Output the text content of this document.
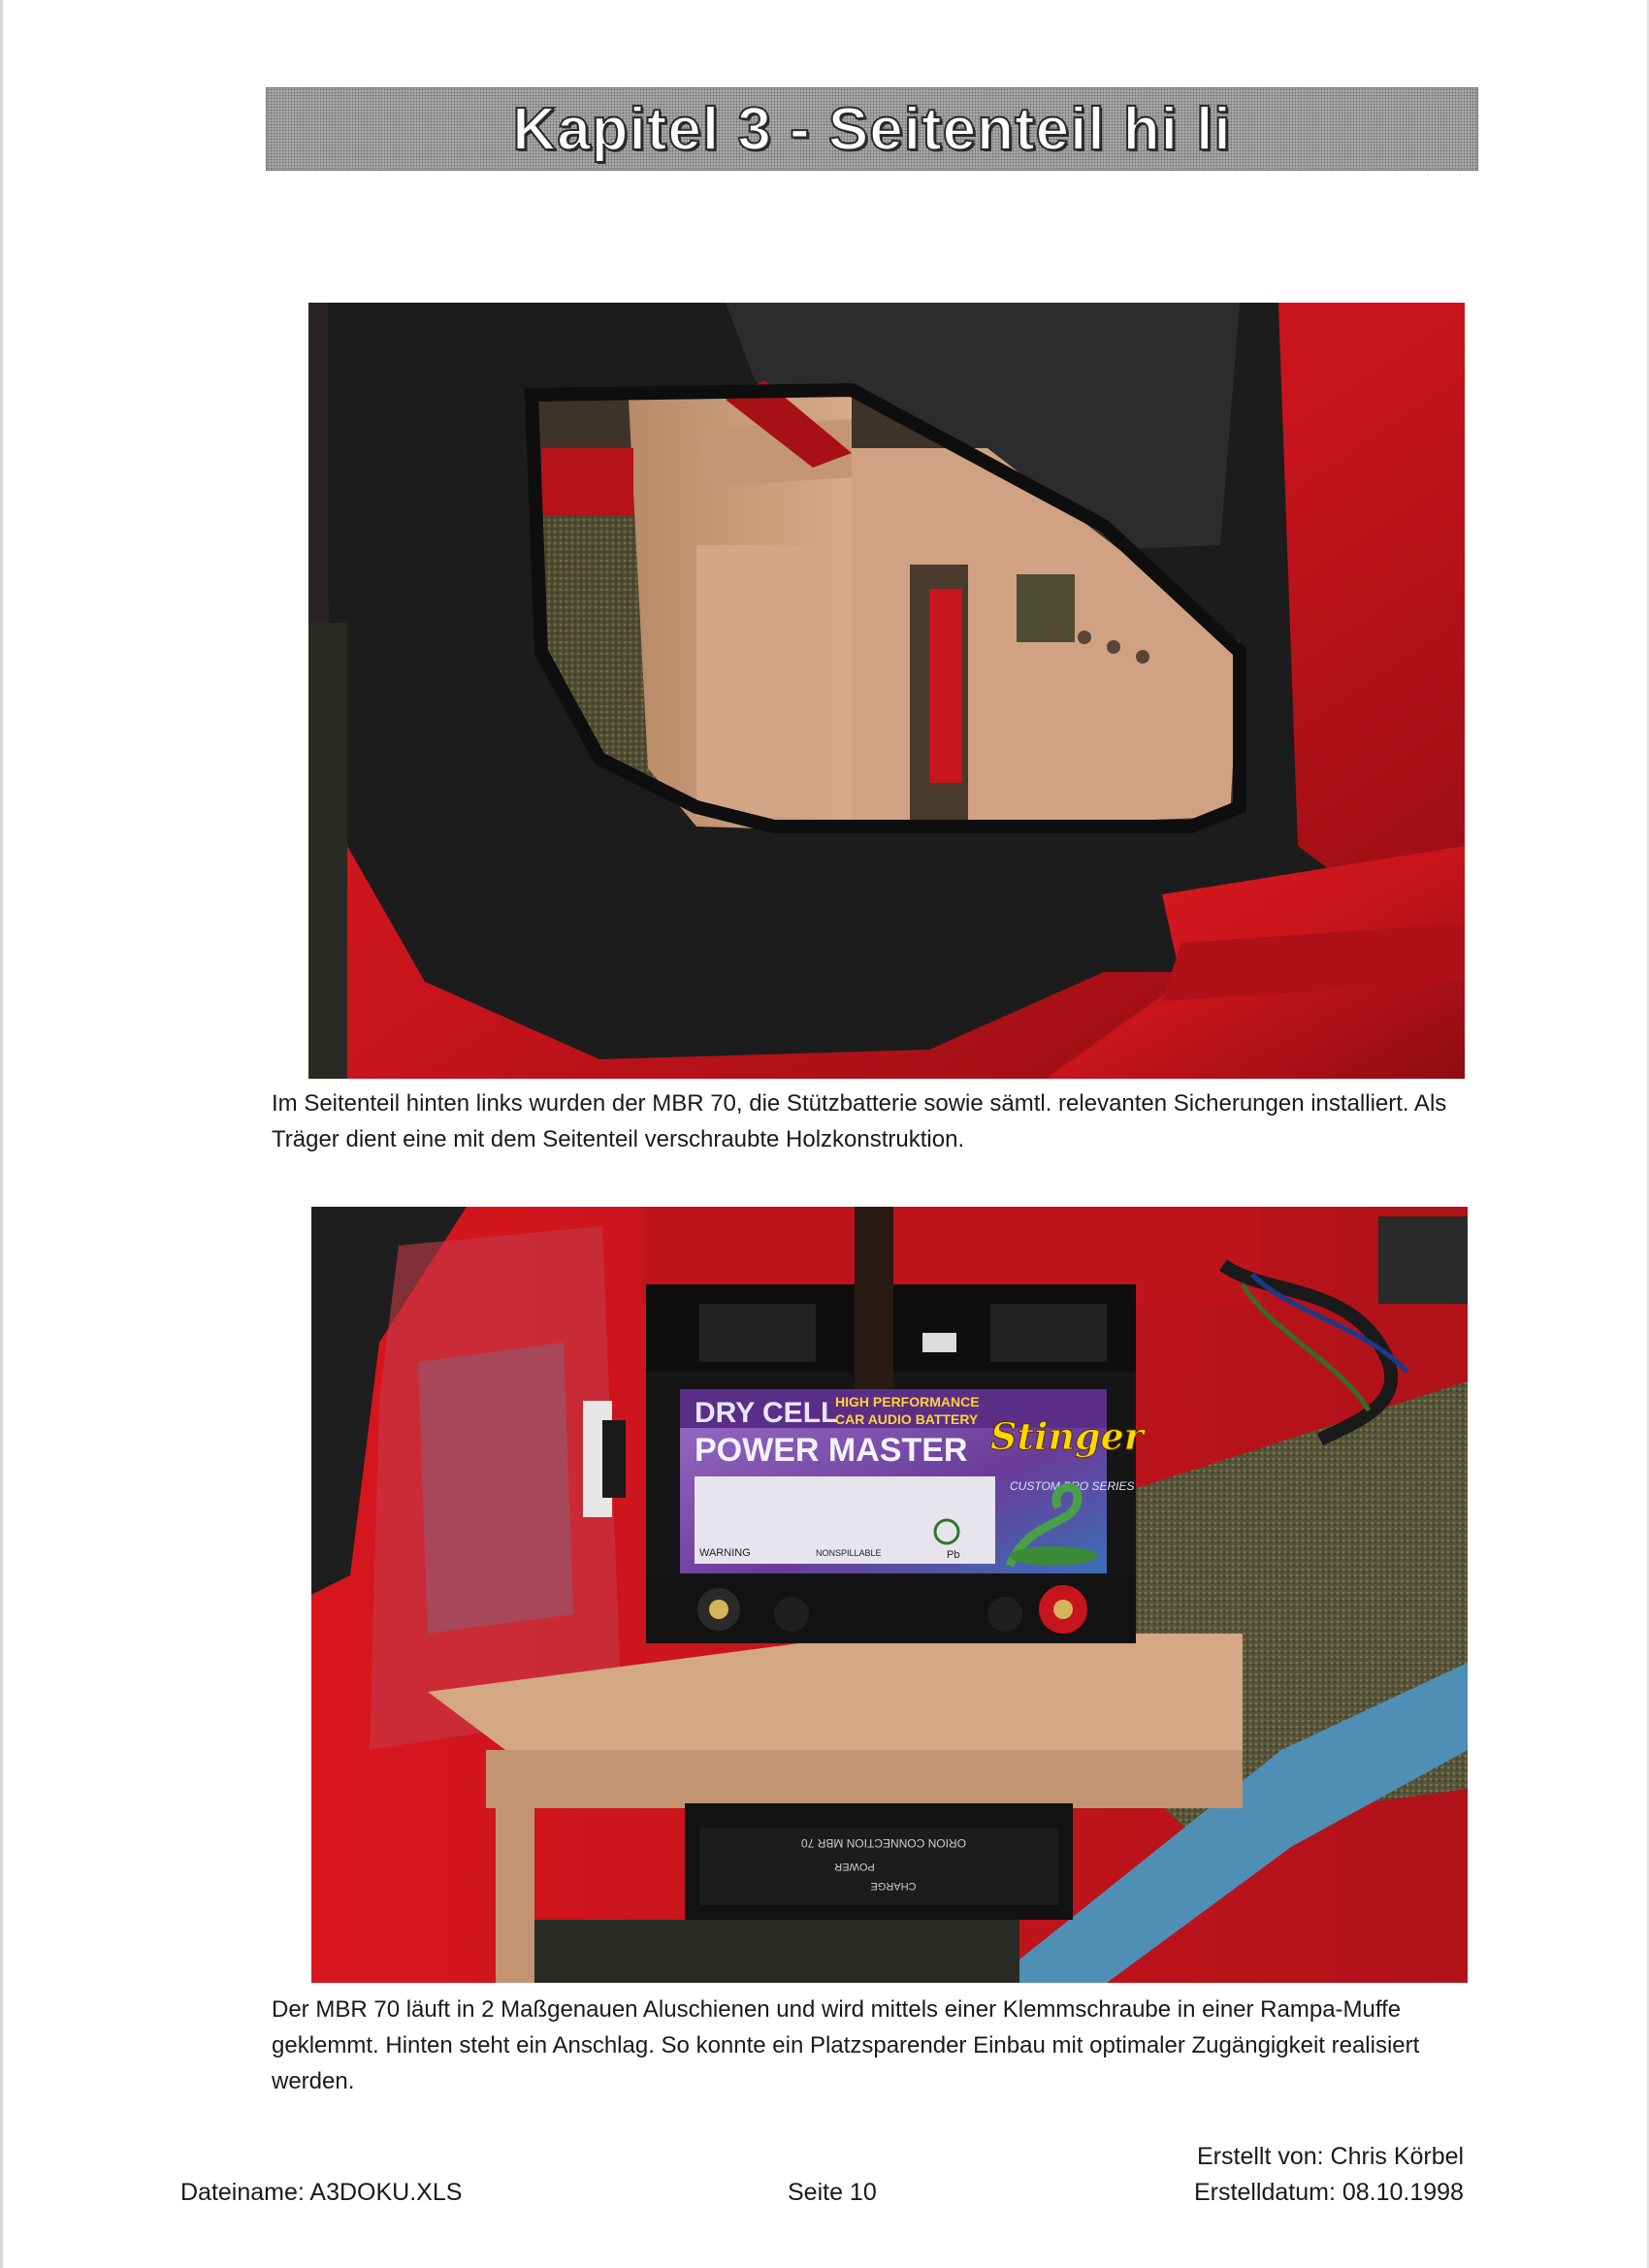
Kapitel 3 - Seitenteil hi li
Im Seitenteil hinten links wurden der MBR 70, die Stützbatterie sowie sämtl. relevanten Sicherungen installiert. Als Träger dient eine mit dem Seitenteil verschraubte Holzkonstruktion.
ORION CONNECTION MBR 70
POWER
CHARGE
DRY CELL
HIGH PERFORMANCE
CAR AUDIO BATTERY
POWER MASTER Stinger
CUSTOM PRO SERIES
WARNING	NONSPILLABLE	Pb
Der MBR 70 läuft in 2 Maßgenauen Aluschienen und wird mittels einer Klemmschraube in einer Rampa-Muffe geklemmt. Hinten steht ein Anschlag. So konnte ein Platzsparender Einbau mit optimaler Zugängigkeit realisiert werden.
Dateiname: A3DOKU.XLS	Seite 10
Erstellt von: Chris Körbel
Erstelldatum: 08.10.1998
